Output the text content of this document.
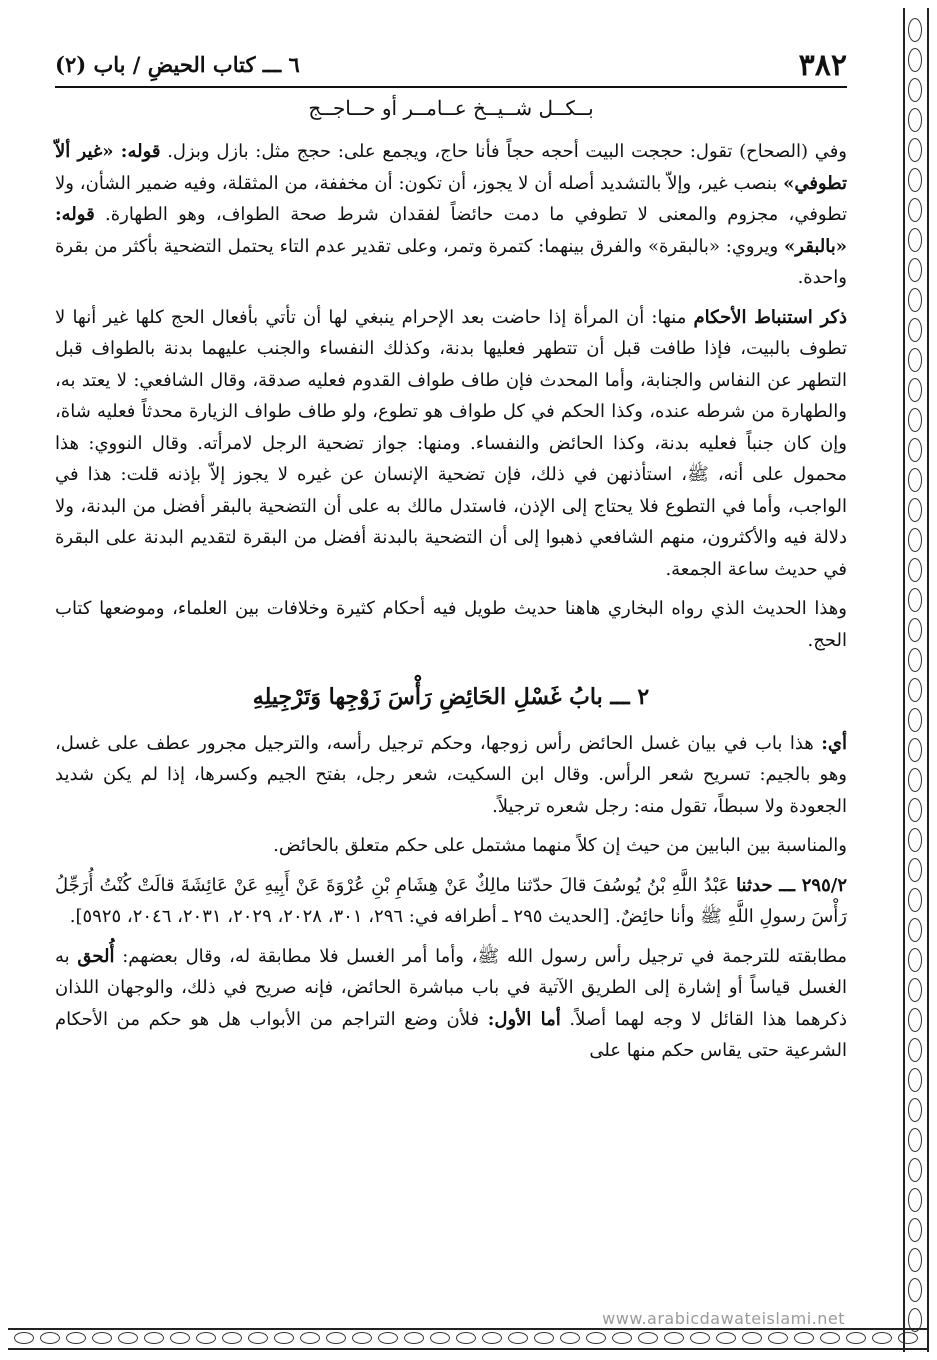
٣٨٢
٦ ـــ كتاب الحيضِ / باب (٢)
بــكــل شــيــخ عــامــر أو حــاجــج

وفي (الصحاح) تقول: حججت البيت أحجه حجاً فأنا حاج، ويجمع على: حجج مثل: بازل وبزل. قوله: «غير ألاّ تطوفي» بنصب غير، وإلاّ بالتشديد أصله أن لا يجوز، أن تكون: أن مخففة، من المثقلة، وفيه ضمير الشأن، ولا تطوفي، مجزوم والمعنى لا تطوفي ما دمت حائضاً لفقدان شرط صحة الطواف، وهو الطهارة. قوله: «بالبقر» ويروي: «بالبقرة» والفرق بينهما: كتمرة وتمر، وعلى تقدير عدم التاء يحتمل التضحية بأكثر من بقرة واحدة.

ذكر استنباط الأحكام منها: أن المرأة إذا حاضت بعد الإحرام ينبغي لها أن تأتي بأفعال الحج كلها غير أنها لا تطوف بالبيت، فإذا طافت قبل أن تتطهر فعليها بدنة، وكذلك النفساء والجنب عليهما بدنة بالطواف قبل التطهر عن النفاس والجنابة، وأما المحدث فإن طاف طواف القدوم فعليه صدقة، وقال الشافعي: لا يعتد به، والطهارة من شرطه عنده، وكذا الحكم في كل طواف هو تطوع، ولو طاف طواف الزيارة محدثاً فعليه شاة، وإن كان جنباً فعليه بدنة، وكذا الحائض والنفساء. ومنها: جواز تضحية الرجل لامرأته. وقال النووي: هذا محمول على أنه، ﷺ، استأذنهن في ذلك، فإن تضحية الإنسان عن غيره لا يجوز إلاّ بإذنه قلت: هذا في الواجب، وأما في التطوع فلا يحتاج إلى الإذن، فاستدل مالك به على أن التضحية بالبقر أفضل من البدنة، ولا دلالة فيه والأكثرون، منهم الشافعي ذهبوا إلى أن التضحية بالبدنة أفضل من البقرة لتقديم البدنة على البقرة في حديث ساعة الجمعة.

وهذا الحديث الذي رواه البخاري هاهنا حديث طويل فيه أحكام كثيرة وخلافات بين العلماء، وموضعها كتاب الحج.

٢ ـــ بابُ غَسْلِ الحَائِضِ رَأْسَ زَوْجِها وَتَرْجِيلِهِ

أي: هذا باب في بيان غسل الحائض رأس زوجها، وحكم ترجيل رأسه، والترجيل مجرور عطف على غسل، وهو بالجيم: تسريح شعر الرأس. وقال ابن السكيت، شعر رجل، بفتح الجيم وكسرها، إذا لم يكن شديد الجعودة ولا سبطاً، تقول منه: رجل شعره ترجيلاً.

والمناسبة بين البابين من حيث إن كلاً منهما مشتمل على حكم متعلق بالحائض.

٢٩٥/٢ ـــ حدثنا عَبْدُ اللَّهِ بْنُ يُوسُفَ قالَ حدّثنا مالِكٌ عَنْ هِشَامِ بْنِ عُرْوَةَ عَنْ أَبِيهِ عَنْ عَائِشَةَ قالَتْ كُنْتُ أُرَجِّلُ رَأْسَ رسولِ اللَّهِ ﷺ وأنا حائِضٌ. [الحديث ٢٩٥ ـ أطرافه في: ٢٩٦، ٣٠١، ٢٠٢٨، ٢٠٢٩، ٢٠٣١، ٢٠٤٦، ٥٩٢٥].

مطابقته للترجمة في ترجيل رأس رسول الله ﷺ، وأما أمر الغسل فلا مطابقة له، وقال بعضهم: أُلحق به الغسل قياساً أو إشارة إلى الطريق الآتية في باب مباشرة الحائض، فإنه صريح في ذلك، والوجهان اللذان ذكرهما هذا القائل لا وجه لهما أصلاً. أما الأول: فلأن وضع التراجم من الأبواب هل هو حكم من الأحكام الشرعية حتى يقاس حكم منها على

www.arabicdawateislami.net
